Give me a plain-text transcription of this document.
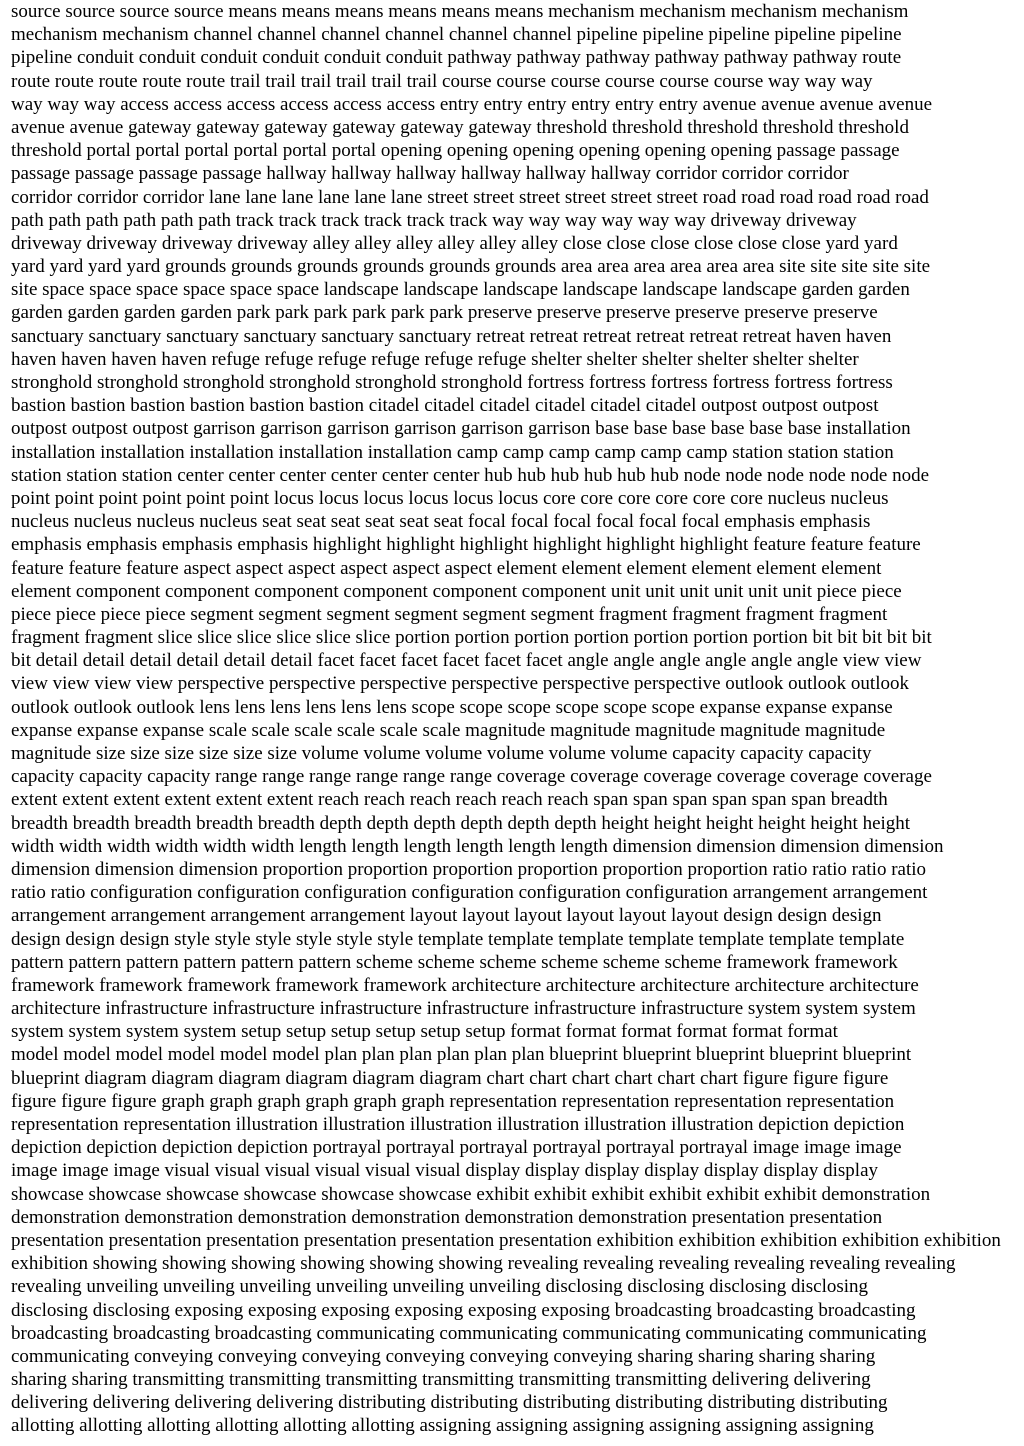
source source source source means means means means means means mechanism mechanism mechanism mechanism
mechanism mechanism channel channel channel channel channel channel pipeline pipeline pipeline pipeline pipeline
pipeline conduit conduit conduit conduit conduit conduit pathway pathway pathway pathway pathway pathway route
route route route route route trail trail trail trail trail trail course course course course course course way way way
way way way access access access access access access entry entry entry entry entry entry avenue avenue avenue avenue
avenue avenue gateway gateway gateway gateway gateway gateway threshold threshold threshold threshold threshold
threshold portal portal portal portal portal portal opening opening opening opening opening opening passage passage
passage passage passage passage hallway hallway hallway hallway hallway hallway corridor corridor corridor
corridor corridor corridor lane lane lane lane lane lane street street street street street street road road road road road road
path path path path path path track track track track track track way way way way way way driveway driveway
driveway driveway driveway driveway alley alley alley alley alley alley close close close close close close yard yard
yard yard yard yard grounds grounds grounds grounds grounds grounds area area area area area area site site site site site
site space space space space space space landscape landscape landscape landscape landscape landscape garden garden
garden garden garden garden park park park park park park preserve preserve preserve preserve preserve preserve
sanctuary sanctuary sanctuary sanctuary sanctuary sanctuary retreat retreat retreat retreat retreat retreat haven haven
haven haven haven haven refuge refuge refuge refuge refuge refuge shelter shelter shelter shelter shelter shelter
stronghold stronghold stronghold stronghold stronghold stronghold fortress fortress fortress fortress fortress fortress
bastion bastion bastion bastion bastion bastion citadel citadel citadel citadel citadel citadel outpost outpost outpost
outpost outpost outpost garrison garrison garrison garrison garrison garrison base base base base base base installation
installation installation installation installation installation camp camp camp camp camp camp station station station
station station station center center center center center center hub hub hub hub hub hub node node node node node node
point point point point point point locus locus locus locus locus locus core core core core core core nucleus nucleus
nucleus nucleus nucleus nucleus seat seat seat seat seat seat focal focal focal focal focal focal emphasis emphasis
emphasis emphasis emphasis emphasis highlight highlight highlight highlight highlight highlight feature feature feature
feature feature feature aspect aspect aspect aspect aspect aspect element element element element element element
element component component component component component component unit unit unit unit unit unit piece piece
piece piece piece piece segment segment segment segment segment segment fragment fragment fragment fragment
fragment fragment slice slice slice slice slice slice portion portion portion portion portion portion portion bit bit bit bit bit
bit detail detail detail detail detail detail facet facet facet facet facet facet angle angle angle angle angle angle view view
view view view view perspective perspective perspective perspective perspective perspective outlook outlook outlook
outlook outlook outlook lens lens lens lens lens lens scope scope scope scope scope scope expanse expanse expanse
expanse expanse expanse scale scale scale scale scale scale magnitude magnitude magnitude magnitude magnitude
magnitude size size size size size size volume volume volume volume volume volume capacity capacity capacity
capacity capacity capacity range range range range range range coverage coverage coverage coverage coverage coverage
extent extent extent extent extent extent reach reach reach reach reach reach span span span span span span breadth
breadth breadth breadth breadth breadth depth depth depth depth depth depth height height height height height height
width width width width width width length length length length length length dimension dimension dimension dimension
dimension dimension dimension proportion proportion proportion proportion proportion proportion ratio ratio ratio ratio
ratio ratio configuration configuration configuration configuration configuration configuration arrangement arrangement
arrangement arrangement arrangement arrangement layout layout layout layout layout layout design design design
design design design style style style style style style template template template template template template template
pattern pattern pattern pattern pattern pattern scheme scheme scheme scheme scheme scheme framework framework
framework framework framework framework framework architecture architecture architecture architecture architecture
architecture infrastructure infrastructure infrastructure infrastructure infrastructure infrastructure system system system
system system system system setup setup setup setup setup setup format format format format format format
model model model model model model plan plan plan plan plan plan blueprint blueprint blueprint blueprint blueprint
blueprint diagram diagram diagram diagram diagram diagram chart chart chart chart chart chart figure figure figure
figure figure figure graph graph graph graph graph graph representation representation representation representation
representation representation illustration illustration illustration illustration illustration illustration depiction depiction
depiction depiction depiction depiction portrayal portrayal portrayal portrayal portrayal portrayal image image image
image image image visual visual visual visual visual visual display display display display display display display
showcase showcase showcase showcase showcase showcase exhibit exhibit exhibit exhibit exhibit exhibit demonstration
demonstration demonstration demonstration demonstration demonstration demonstration presentation presentation
presentation presentation presentation presentation presentation presentation exhibition exhibition exhibition exhibition exhibition
exhibition showing showing showing showing showing showing revealing revealing revealing revealing revealing revealing
revealing unveiling unveiling unveiling unveiling unveiling unveiling disclosing disclosing disclosing disclosing
disclosing disclosing exposing exposing exposing exposing exposing exposing broadcasting broadcasting broadcasting
broadcasting broadcasting broadcasting communicating communicating communicating communicating communicating
communicating conveying conveying conveying conveying conveying conveying sharing sharing sharing sharing
sharing sharing transmitting transmitting transmitting transmitting transmitting transmitting delivering delivering
delivering delivering delivering delivering distributing distributing distributing distributing distributing distributing
allotting allotting allotting allotting allotting allotting assigning assigning assigning assigning assigning assigning
